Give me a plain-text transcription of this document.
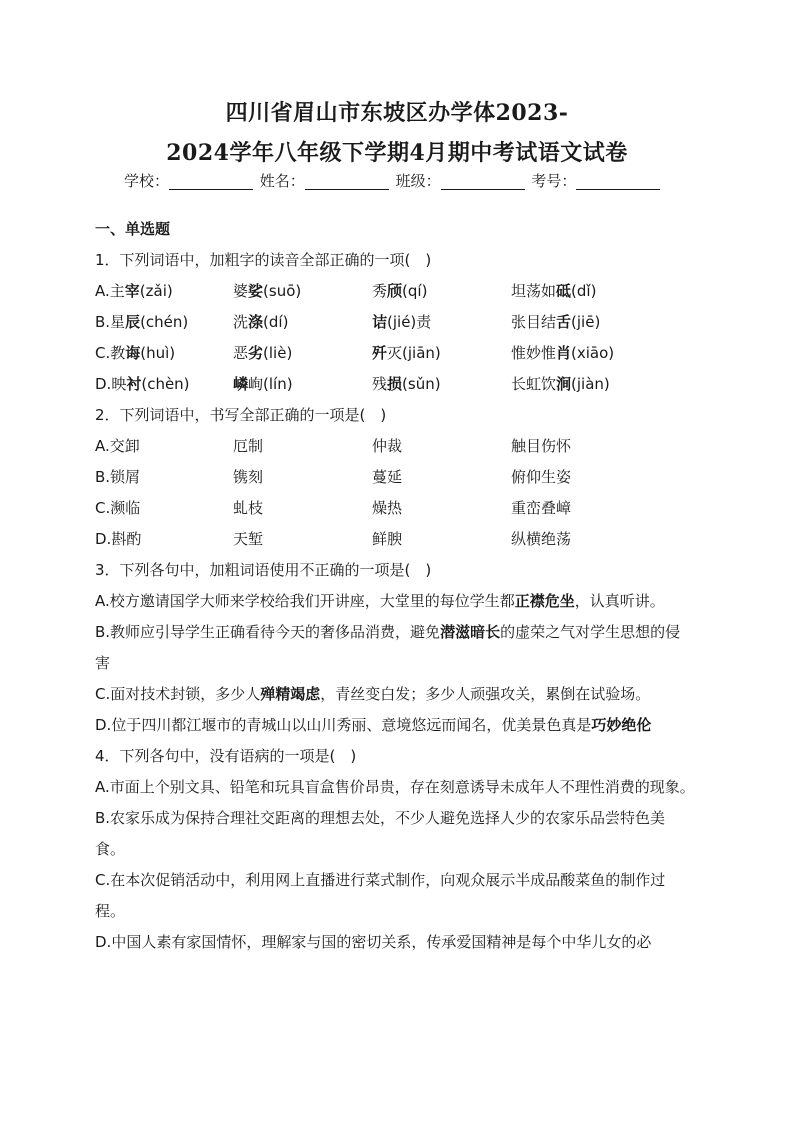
四川省眉山市东坡区办学体2023-
2024学年八年级下学期4月期中考试语文试卷
学校：	姓名：	班级：	考号：
一、单选题
1．下列词语中，加粗字的读音全部正确的一项(　)
A.主宰(zǎi)	婆娑(suō)	秀颀(qí)	坦荡如砥(dǐ)
B.星辰(chén)	洗涤(dí)	诘(jié)责	张目结舌(jiē)
C.教诲(huì)	恶劣(liè)	歼灭(jiān)	惟妙惟肖(xiāo)
D.映衬(chèn)	嶙峋(lín)	残损(sǔn)	长虹饮涧(jiàn)
2．下列词语中，书写全部正确的一项是(　)
A.交卸	厄制	仲裁	触目伤怀
B.锁屑	镌刻	蔓延	俯仰生姿
C.濒临	虬枝	燥热	重峦叠嶂
D.斟酌	天堑	鲜腴	纵横绝荡
3．下列各句中，加粗词语使用不正确的一项是(　)
A.校方邀请国学大师来学校给我们开讲座，大堂里的每位学生都正襟危坐，认真听讲。
B.教师应引导学生正确看待今天的奢侈品消费，避免潜滋暗长的虚荣之气对学生思想的侵害
C.面对技术封锁，多少人殚精竭虑，青丝变白发；多少人顽强攻关，累倒在试验场。
D.位于四川都江堰市的青城山以山川秀丽、意境悠远而闻名，优美景色真是巧妙绝伦
4．下列各句中，没有语病的一项是(　)
A.市面上个别文具、铅笔和玩具盲盒售价昂贵，存在刻意诱导未成年人不理性消费的现象。
B.农家乐成为保持合理社交距离的理想去处，不少人避免选择人少的农家乐品尝特色美食。
C.在本次促销活动中，利用网上直播进行菜式制作，向观众展示半成品酸菜鱼的制作过程。
D.中国人素有家国情怀，理解家与国的密切关系，传承爱国精神是每个中华儿女的必
